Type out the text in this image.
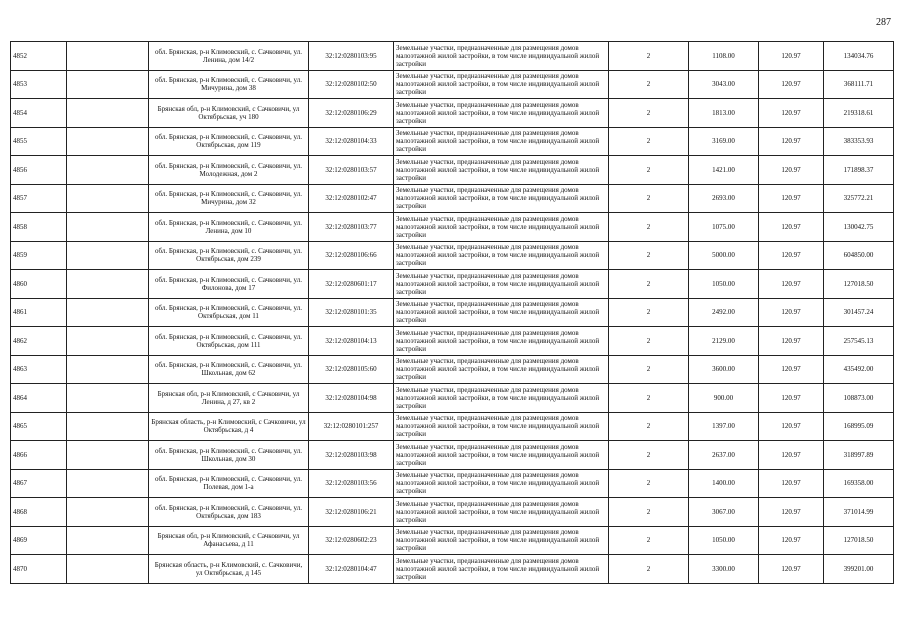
287
4852		обл. Брянская, р-н Климовский, с. Сачковичи, ул. Ленина, дом 14/2	32:12:0280103:95	Земельные участки, предназначенные для размещения домов малоэтажной жилой застройки, в том числе индивидуальной жилой застройки	2	1108.00	120.97	134034.76
4853		обл. Брянская, р-н Климовский, с. Сачковичи, ул. Мичурина, дом 38	32:12:0280102:50	Земельные участки, предназначенные для размещения домов малоэтажной жилой застройки, в том числе индивидуальной жилой застройки	2	3043.00	120.97	368111.71
4854		Брянская обл, р-н Климовский, с Сачковичи, ул Октябрьская, уч 180	32:12:0280106:29	Земельные участки, предназначенные для размещения домов малоэтажной жилой застройки, в том числе индивидуальной жилой застройки	2	1813.00	120.97	219318.61
4855		обл. Брянская, р-н Климовский, с. Сачковичи, ул. Октябрьская, дом 119	32:12:0280104:33	Земельные участки, предназначенные для размещения домов малоэтажной жилой застройки, в том числе индивидуальной жилой застройки	2	3169.00	120.97	383353.93
4856		обл. Брянская, р-н Климовский, с. Сачковичи, ул. Молодежная, дом 2	32:12:0280103:57	Земельные участки, предназначенные для размещения домов малоэтажной жилой застройки, в том числе индивидуальной жилой застройки	2	1421.00	120.97	171898.37
4857		обл. Брянская, р-н Климовский, с. Сачковичи, ул. Мичурина, дом 32	32:12:0280102:47	Земельные участки, предназначенные для размещения домов малоэтажной жилой застройки, в том числе индивидуальной жилой застройки	2	2693.00	120.97	325772.21
4858		обл. Брянская, р-н Климовский, с. Сачковичи, ул. Ленина, дом 10	32:12:0280103:77	Земельные участки, предназначенные для размещения домов малоэтажной жилой застройки, в том числе индивидуальной жилой застройки	2	1075.00	120.97	130042.75
4859		обл. Брянская, р-н Климовский, с. Сачковичи, ул. Октябрьская, дом 239	32:12:0280106:66	Земельные участки, предназначенные для размещения домов малоэтажной жилой застройки, в том числе индивидуальной жилой застройки	2	5000.00	120.97	604850.00
4860		обл. Брянская, р-н Климовский, с. Сачковичи, ул. Филонова, дом 17	32:12:0280601:17	Земельные участки, предназначенные для размещения домов малоэтажной жилой застройки, в том числе индивидуальной жилой застройки	2	1050.00	120.97	127018.50
4861		обл. Брянская, р-н Климовский, с. Сачковичи, ул. Октябрьская, дом 11	32:12:0280101:35	Земельные участки, предназначенные для размещения домов малоэтажной жилой застройки, в том числе индивидуальной жилой застройки	2	2492.00	120.97	301457.24
4862		обл. Брянская, р-н Климовский, с. Сачковичи, ул. Октябрьская, дом 111	32:12:0280104:13	Земельные участки, предназначенные для размещения домов малоэтажной жилой застройки, в том числе индивидуальной жилой застройки	2	2129.00	120.97	257545.13
4863		обл. Брянская, р-н Климовский, с. Сачковичи, ул. Школьная, дом 62	32:12:0280105:60	Земельные участки, предназначенные для размещения домов малоэтажной жилой застройки, в том числе индивидуальной жилой застройки	2	3600.00	120.97	435492.00
4864		Брянская обл, р-н Климовский, с Сачковичи, ул Ленина, д 27, кв 2	32:12:0280104:98	Земельные участки, предназначенные для размещения домов малоэтажной жилой застройки, в том числе индивидуальной жилой застройки	2	900.00	120.97	108873.00
4865		Брянская область, р-н Климовский, с Сачковичи, ул Октябрьская, д 4	32:12:0280101:257	Земельные участки, предназначенные для размещения домов малоэтажной жилой застройки, в том числе индивидуальной жилой застройки	2	1397.00	120.97	168995.09
4866		обл. Брянская, р-н Климовский, с. Сачковичи, ул. Школьная, дом 30	32:12:0280103:98	Земельные участки, предназначенные для размещения домов малоэтажной жилой застройки, в том числе индивидуальной жилой застройки	2	2637.00	120.97	318997.89
4867		обл. Брянская, р-н Климовский, с. Сачковичи, ул. Полевая, дом 1-а	32:12:0280103:56	Земельные участки, предназначенные для размещения домов малоэтажной жилой застройки, в том числе индивидуальной жилой застройки	2	1400.00	120.97	169358.00
4868		обл. Брянская, р-н Климовский, с. Сачковичи, ул. Октябрьская, дом 183	32:12:0280106:21	Земельные участки, предназначенные для размещения домов малоэтажной жилой застройки, в том числе индивидуальной жилой застройки	2	3067.00	120.97	371014.99
4869		Брянская обл, р-н Климовский, с Сачковичи, ул Афанасьева, д 11	32:12:0280602:23	Земельные участки, предназначенные для размещения домов малоэтажной жилой застройки, в том числе индивидуальной жилой застройки	2	1050.00	120.97	127018.50
4870		Брянская область, р-н Климовский, с. Сачковичи, ул Октябрьская, д 145	32:12:0280104:47	Земельные участки, предназначенные для размещения домов малоэтажной жилой застройки, в том числе индивидуальной жилой застройки	2	3300.00	120.97	399201.00
